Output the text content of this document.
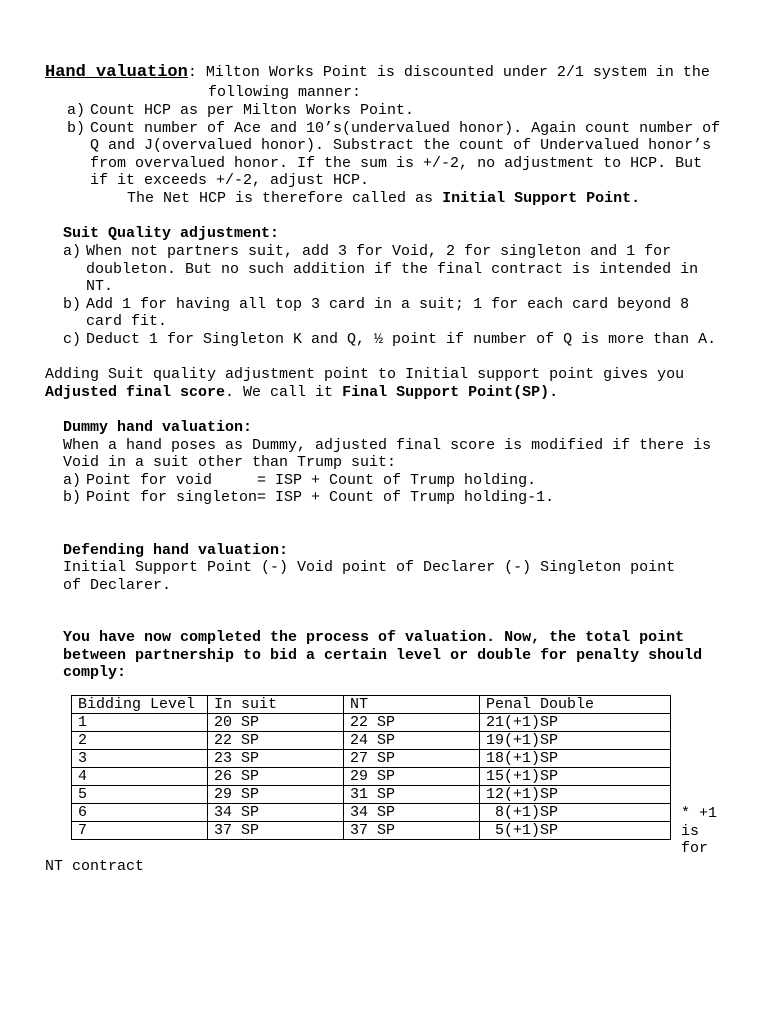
Hand valuation: Milton Works Point is discounted under 2/1 system in the
following manner:
a) Count HCP as per Milton Works Point.
b) Count number of Ace and 10’s(undervalued honor). Again count number of
Q and J(overvalued honor). Substract the count of Undervalued honor’s
from overvalued honor. If the sum is +/-2, no adjustment to HCP. But
if it exceeds +/-2, adjust HCP.
The Net HCP is therefore called as Initial Support Point.
Suit Quality adjustment:
a) When not partners suit, add 3 for Void, 2 for singleton and 1 for
doubleton. But no such addition if the final contract is intended in
NT.
b) Add 1 for having all top 3 card in a suit; 1 for each card beyond 8
card fit.
c) Deduct 1 for Singleton K and Q, ½ point if number of Q is more than A.
Adding Suit quality adjustment point to Initial support point gives you
Adjusted final score. We call it Final Support Point(SP).
Dummy hand valuation:
When a hand poses as Dummy, adjusted final score is modified if there is
Void in a suit other than Trump suit:
a) Point for void     = ISP + Count of Trump holding.
b) Point for singleton= ISP + Count of Trump holding-1.
Defending hand valuation:
Initial Support Point (-) Void point of Declarer (-) Singleton point
of Declarer.
You have now completed the process of valuation. Now, the total point
between partnership to bid a certain level or double for penalty should
comply:
Bidding Level	In suit	NT	Penal Double
1	20 SP	22 SP	21(+1)SP
2	22 SP	24 SP	19(+1)SP
3	23 SP	27 SP	18(+1)SP
4	26 SP	29 SP	15(+1)SP
5	29 SP	31 SP	12(+1)SP
6	34 SP	34 SP	8(+1)SP
7	37 SP	37 SP	5(+1)SP
* +1
is
for
NT contract
